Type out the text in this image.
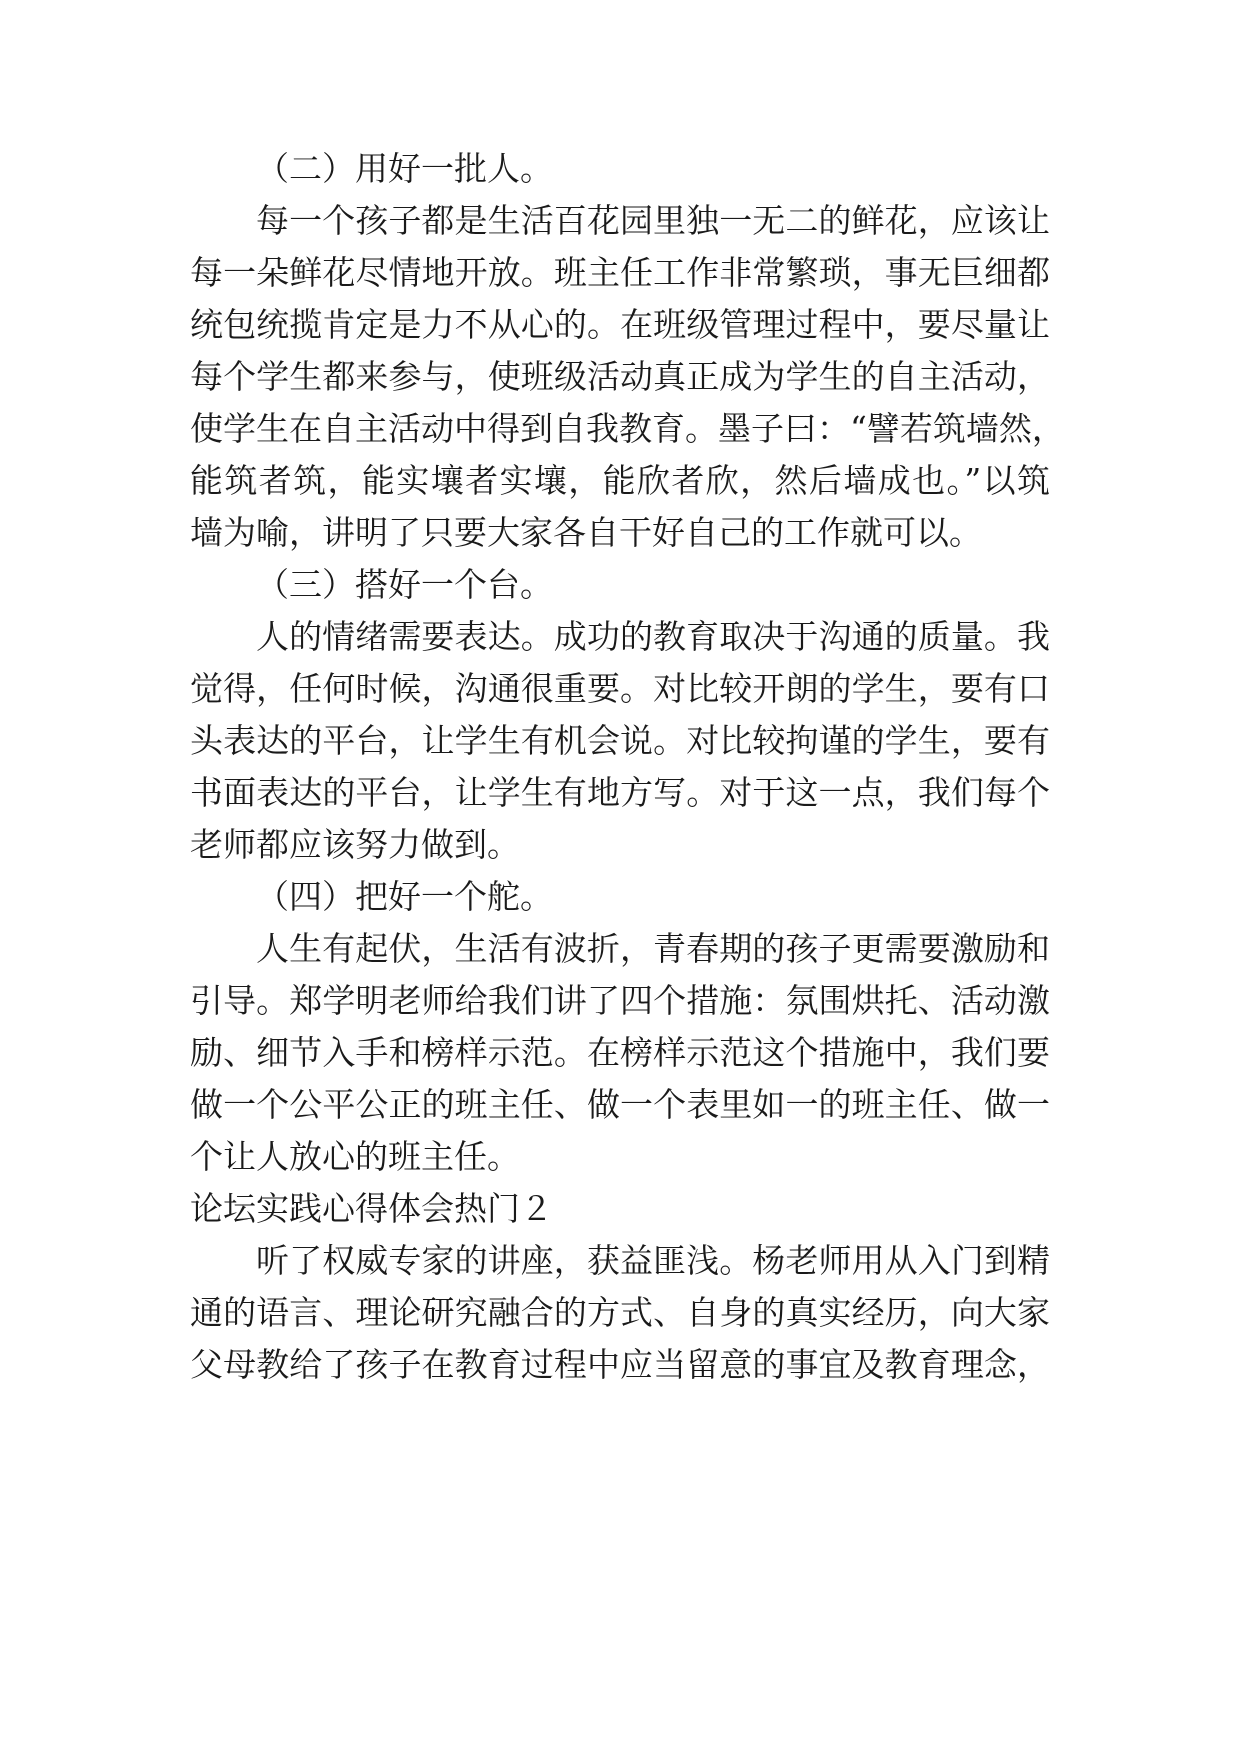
（二）用好一批人。
每一个孩子都是生活百花园里独一无二的鲜花，应该让
每一朵鲜花尽情地开放。班主任工作非常繁琐，事无巨细都
统包统揽肯定是力不从心的。在班级管理过程中，要尽量让
每个学生都来参与，使班级活动真正成为学生的自主活动，
使学生在自主活动中得到自我教育。墨子曰：“譬若筑墙然，
能筑者筑，能实壤者实壤，能欣者欣，然后墙成也。”以筑
墙为喻，讲明了只要大家各自干好自己的工作就可以。
（三）搭好一个台。
人的情绪需要表达。成功的教育取决于沟通的质量。我
觉得，任何时候，沟通很重要。对比较开朗的学生，要有口
头表达的平台，让学生有机会说。对比较拘谨的学生，要有
书面表达的平台，让学生有地方写。对于这一点，我们每个
老师都应该努力做到。
（四）把好一个舵。
人生有起伏，生活有波折，青春期的孩子更需要激励和
引导。郑学明老师给我们讲了四个措施：氛围烘托、活动激
励、细节入手和榜样示范。在榜样示范这个措施中，我们要
做一个公平公正的班主任、做一个表里如一的班主任、做一
个让人放心的班主任。
论坛实践心得体会热门２
听了权威专家的讲座，获益匪浅。杨老师用从入门到精
通的语言、理论研究融合的方式、自身的真实经历，向大家
父母教给了孩子在教育过程中应当留意的事宜及教育理念，
